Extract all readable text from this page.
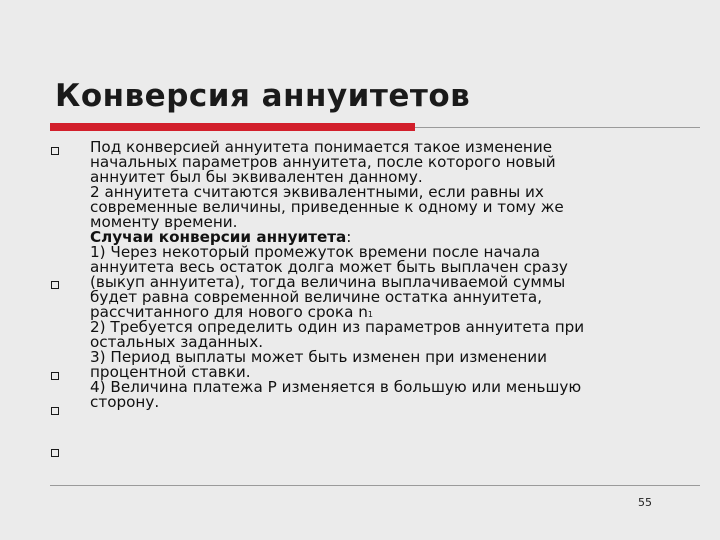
Конверсия аннуитетов
Под конверсией аннуитета понимается такое изменение
начальных параметров аннуитета, после которого новый
аннуитет был бы эквивалентен данному.
2 аннуитета считаются эквивалентными, если равны их
современные величины, приведенные к одному и тому же
моменту времени.
Случаи конверсии аннуитета:
1) Через некоторый промежуток времени после начала
аннуитета весь остаток долга может быть выплачен сразу
(выкуп аннуитета), тогда величина выплачиваемой суммы
будет равна современной величине остатка аннуитета,
рассчитанного для нового срока n1
2) Требуется определить один из параметров аннуитета при
остальных заданных.
3) Период выплаты может быть изменен при изменении
процентной ставки.
4) Величина платежа Р изменяется в большую или меньшую
сторону.
55
